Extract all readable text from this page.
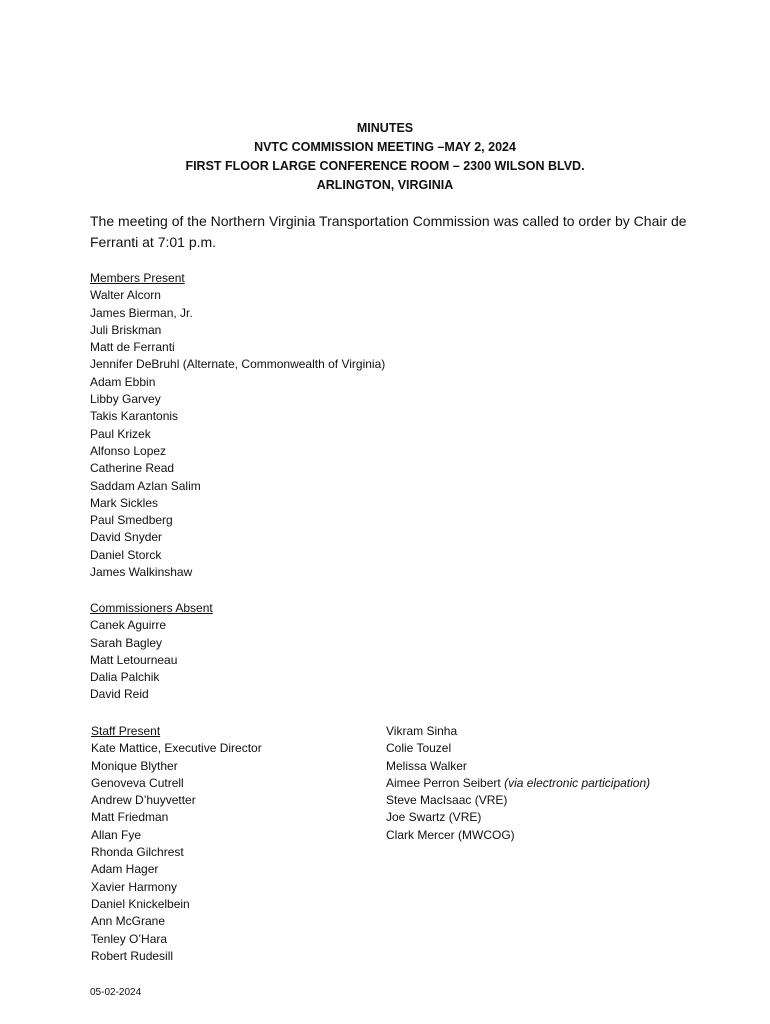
MINUTES
NVTC COMMISSION MEETING –MAY 2, 2024
FIRST FLOOR LARGE CONFERENCE ROOM – 2300 WILSON BLVD.
ARLINGTON, VIRGINIA
The meeting of the Northern Virginia Transportation Commission was called to order by Chair de Ferranti at 7:01 p.m.
Members Present
Walter Alcorn
James Bierman, Jr.
Juli Briskman
Matt de Ferranti
Jennifer DeBruhl (Alternate, Commonwealth of Virginia)
Adam Ebbin
Libby Garvey
Takis Karantonis
Paul Krizek
Alfonso Lopez
Catherine Read
Saddam Azlan Salim
Mark Sickles
Paul Smedberg
David Snyder
Daniel Storck
James Walkinshaw
Commissioners Absent
Canek Aguirre
Sarah Bagley
Matt Letourneau
Dalia Palchik
David Reid
Staff Present
Kate Mattice, Executive Director
Monique Blyther
Genoveva Cutrell
Andrew D’huyvetter
Matt Friedman
Allan Fye
Rhonda Gilchrest
Adam Hager
Xavier Harmony
Daniel Knickelbein
Ann McGrane
Tenley O’Hara
Robert Rudesill
Vikram Sinha
Colie Touzel
Melissa Walker
Aimee Perron Seibert (via electronic participation)
Steve MacIsaac (VRE)
Joe Swartz (VRE)
Clark Mercer (MWCOG)
05-02-2024
